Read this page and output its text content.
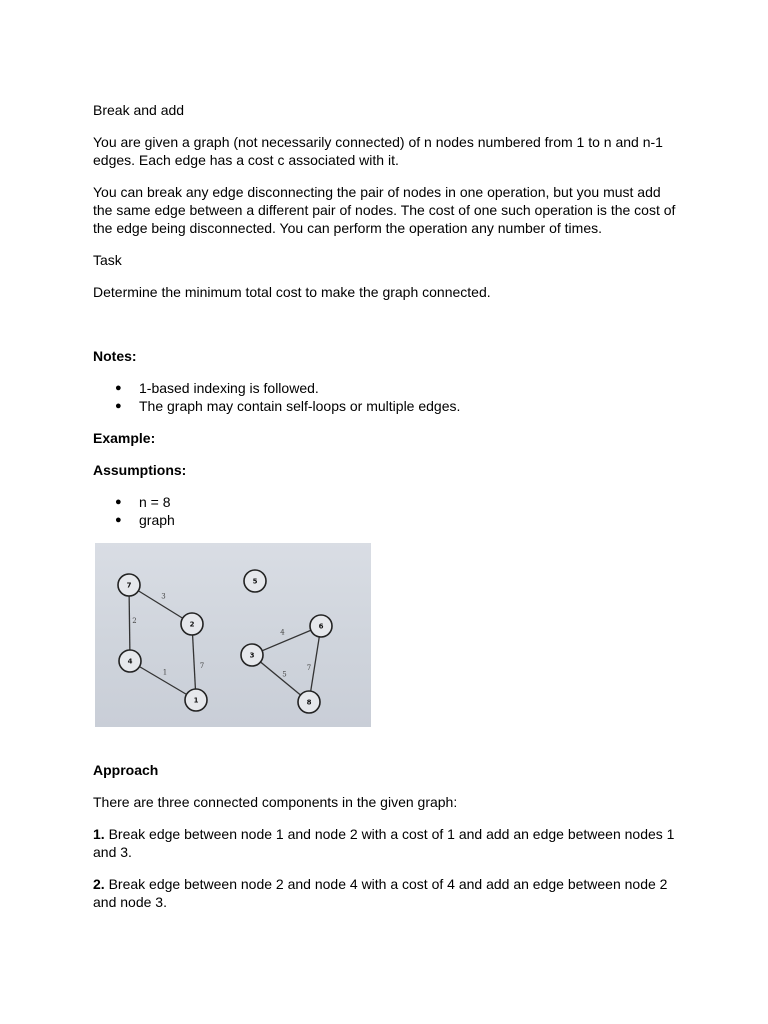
Break and add

You are given a graph (not necessarily connected) of n nodes numbered from 1 to n and n-1 edges. Each edge has a cost c associated with it.

You can break any edge disconnecting the pair of nodes in one operation, but you must add the same edge between a different pair of nodes. The cost of one such operation is the cost of the edge being disconnected. You can perform the operation any number of times.

Task

Determine the minimum total cost to make the graph connected.

Notes:

● 1-based indexing is followed.
● The graph may contain self-loops or multiple edges.

Example:

Assumptions:

● n = 8
● graph
3
2
7
1
4
5
7
7
2
4
1
5
6
3
8

Approach

There are three connected components in the given graph:

1. Break edge between node 1 and node 2 with a cost of 1 and add an edge between nodes 1 and 3.

2. Break edge between node 2 and node 4 with a cost of 4 and add an edge between node 2 and node 3.
